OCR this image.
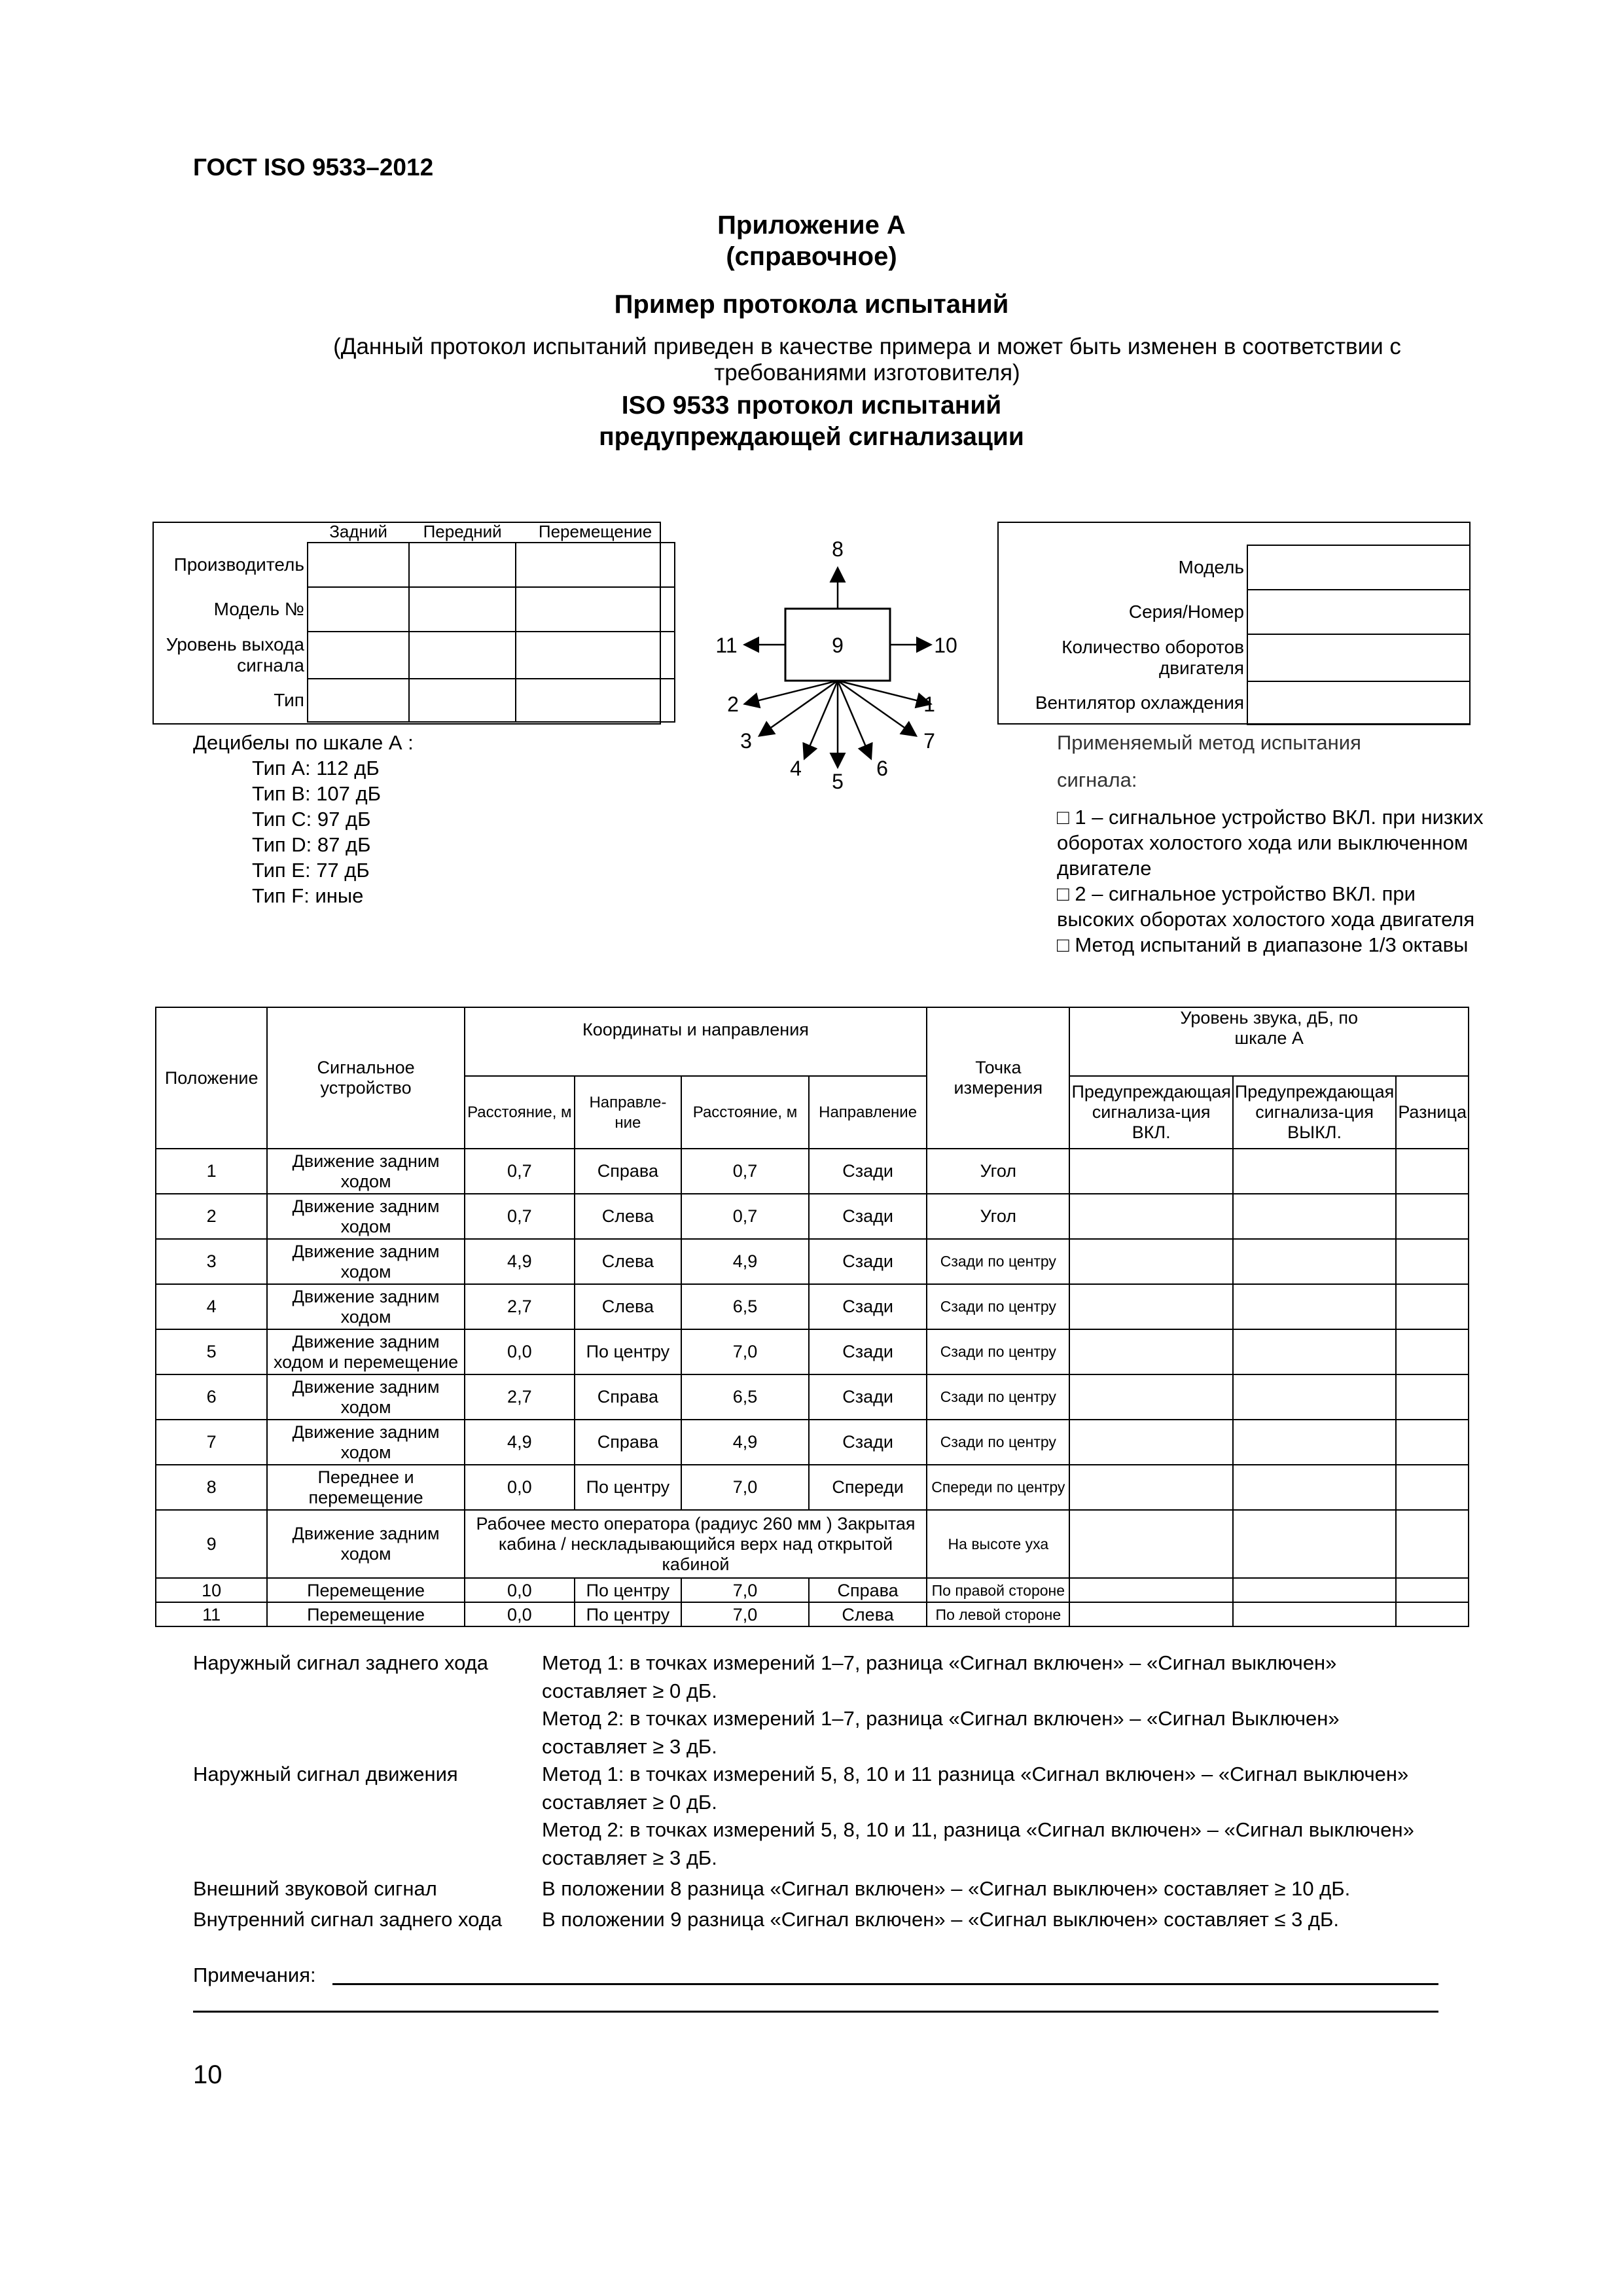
ГОСТ ISO 9533–2012
Приложение А
(справочное)
Пример протокола испытаний
(Данный протокол испытаний приведен в качестве примера и может быть изменен в соответствии с
требованиями изготовителя)
ISO 9533 протокол испытаний
предупреждающей сигнализации
	Задний	Передний	Перемещение
Производитель			
Модель №			
Уровень выхода сигнала			
Тип				1
2
3
4
5
6
7
8
9	10
11
Модель	
Серия/Номер	
Количество оборотов двигателя	
Вентилятор охлаждения	
Децибелы по шкале А :
Тип А: 112 дБ
Тип B: 107 дБ
Тип C: 97 дБ
Тип D: 87 дБ
Тип E: 77 дБ
Тип F: иные
Применяемый метод испытания
сигнала:
□ 1 – сигнальное устройство ВКЛ. при низких оборотах холостого хода или выключенном двигателе
□ 2 – сигнальное устройство ВКЛ. при высоких оборотах холостого хода двигателя
□ Метод испытаний в диапазоне 1/3 октавы
Положение	Сигнальное устройство	Координаты и направления				Точка измерения	Уровень звука, дБ, по шкале А		
		Расстояние, м	Направле-ние	Расстояние, м	Направление		Предупреждающая сигнализа-ция ВКЛ.	Предупреждающая сигнализа-ция ВЫКЛ.	Разница
1	Движение задним ходом	0,7	Справа	0,7	Сзади	Угол			
2	Движение задним ходом	0,7	Слева	0,7	Сзади	Угол			
3	Движение задним ходом	4,9	Слева	4,9	Сзади	Сзади по центру			
4	Движение задним ходом	2,7	Слева	6,5	Сзади	Сзади по центру			
5	Движение задним ходом и перемещение	0,0	По центру	7,0	Сзади	Сзади по центру			
6	Движение задним ходом	2,7	Справа	6,5	Сзади	Сзади по центру			
7	Движение задним ходом	4,9	Справа	4,9	Сзади	Сзади по центру			
8	Переднее и перемещение	0,0	По центру	7,0	Спереди	Спереди по центру			
9	Движение задним ходом	Рабочее место оператора (радиус 260 мм ) Закрытая кабина / нескладывающийся верх над открытой кабиной				На высоте уха			
10	Перемещение	0,0	По центру	7,0	Справа	По правой стороне			
11	Перемещение	0,0	По центру	7,0	Слева	По левой стороне			
Наружный сигнал заднего хода	Метод 1: в точках измерений 1–7, разница «Сигнал включен» – «Сигнал выключен»
составляет ≥ 0 дБ.
Метод 2: в точках измерений 1–7, разница «Сигнал включен» – «Сигнал Выключен»
составляет ≥ 3 дБ.
Наружный сигнал движения	Метод 1: в точках измерений 5, 8, 10 и 11 разница «Сигнал включен» – «Сигнал выключен»
составляет ≥ 0 дБ.
Метод 2: в точках измерений 5, 8, 10 и 11, разница «Сигнал включен» – «Сигнал выключен»
составляет ≥ 3 дБ.
Внешний звуковой сигнал	В положении 8 разница «Сигнал включен» – «Сигнал выключен» составляет ≥ 10 дБ.
Внутренний сигнал заднего хода В положении 9 разница «Сигнал включен» – «Сигнал выключен» составляет ≤ 3 дБ.
Примечания:
10
